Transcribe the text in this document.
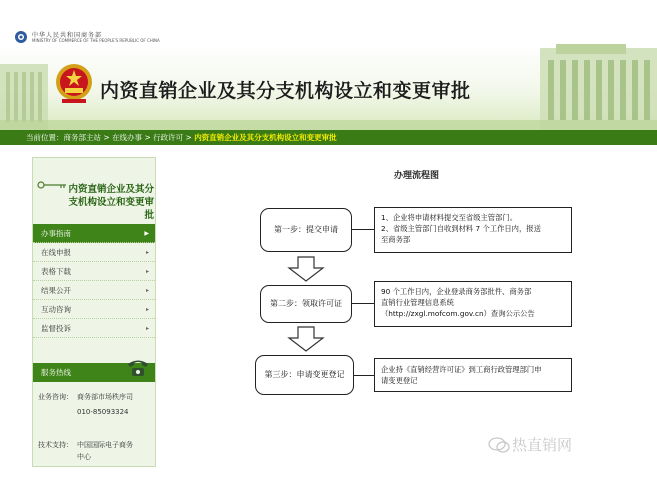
中华人民共和国商务部
MINISTRY OF COMMERCE OF THE PEOPLE'S REPUBLIC OF CHINA
内资直销企业及其分支机构设立和变更审批
当前位置：商务部主站 > 在线办事 > 行政许可 > 内资直销企业及其分支机构设立和变更审批
内资直销企业及其分支机构设立和变更审批
办事指南	▶
在线申报	▸
表格下载	▸
结果公开	▸
互动咨询	▸
监督投诉	▸
服务热线
业务咨询： 商务部市场秩序司
010-85093324
技术支持： 中国国际电子商务
中心
办理流程图
第一步：提交申请
1、企业将申请材料提交至省级主管部门。
2、省级主管部门自收到材料 7 个工作日内，报送
至商务部
第二步：领取许可证
90 个工作日内，企业登录商务部批件、商务部
直销行业管理信息系统
（http://zxgl.mofcom.gov.cn）查询公示公告
第三步：申请变更登记
企业持《直销经营许可证》到工商行政管理部门申
请变更登记
热直销网
